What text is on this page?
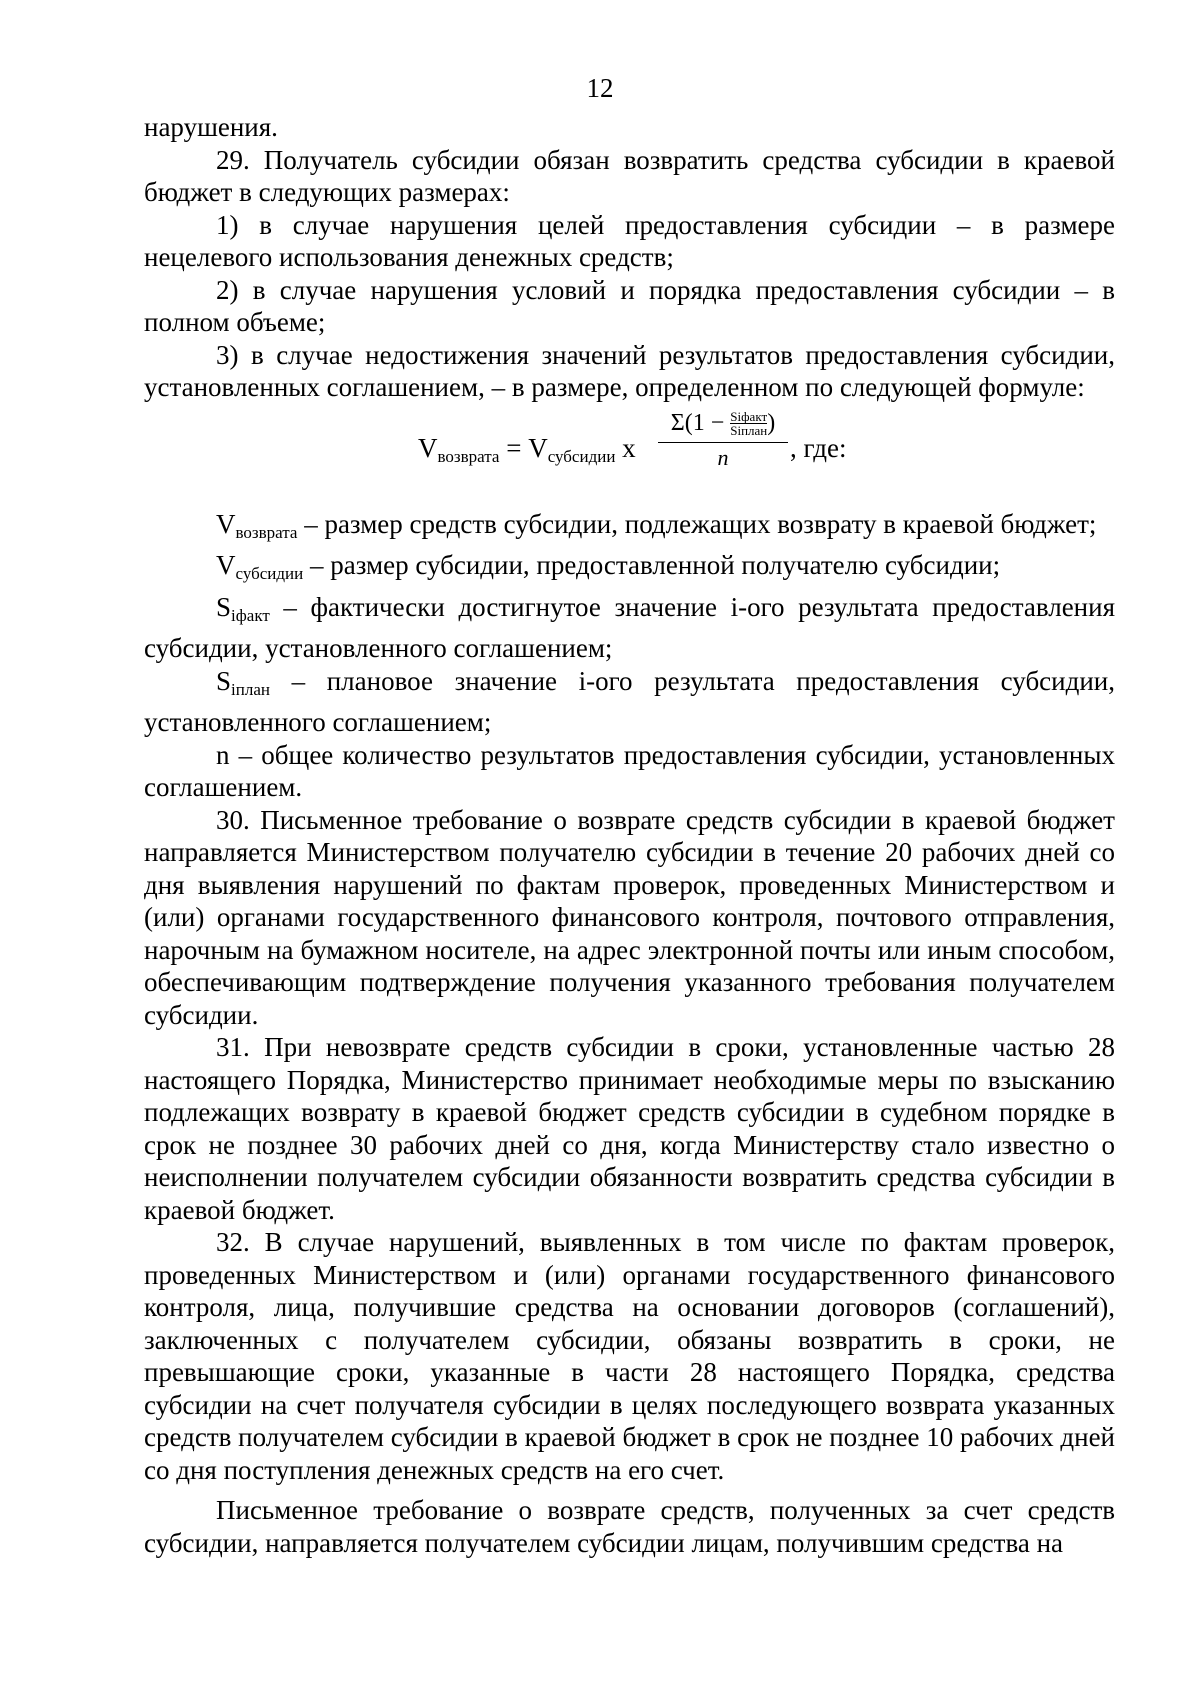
12

нарушения.

29. Получатель субсидии обязан возвратить средства субсидии в краевой бюджет в следующих размерах:

1) в случае нарушения целей предоставления субсидии – в размере нецелевого использования денежных средств;

2) в случае нарушения условий и порядка предоставления субсидии – в полном объеме;

3) в случае недостижения значений результатов предоставления субсидии, установленных соглашением, – в размере, определенном по следующей формуле:

$V_{возврата} = V_{субсидии}$ х
Σ(1 − Siфакт
Siплан )
n	, где:

$V_{возврата}$ – размер средств субсидии, подлежащих возврату в краевой бюджет;

$V_{субсидии}$ – размер субсидии, предоставленной получателю субсидии;

$S_{iфакт}$ – фактически достигнутое значение i-ого результата предоставления субсидии, установленного соглашением;

$S_{iплан}$ – плановое значение i-ого результата предоставления субсидии, установленного соглашением;

n – общее количество результатов предоставления субсидии, установленных соглашением.

30. Письменное требование о возврате средств субсидии в краевой бюджет направляется Министерством получателю субсидии в течение 20 рабочих дней со дня выявления нарушений по фактам проверок, проведенных Министерством и (или) органами государственного финансового контроля, почтового отправления, нарочным на бумажном носителе, на адрес электронной почты или иным способом, обеспечивающим подтверждение получения указанного требования получателем субсидии.

31. При невозврате средств субсидии в сроки, установленные частью 28 настоящего Порядка, Министерство принимает необходимые меры по взысканию подлежащих возврату в краевой бюджет средств субсидии в судебном порядке в срок не позднее 30 рабочих дней со дня, когда Министерству стало известно о неисполнении получателем субсидии обязанности возвратить средства субсидии в краевой бюджет.

32. В случае нарушений, выявленных в том числе по фактам проверок, проведенных Министерством и (или) органами государственного финансового контроля, лица, получившие средства на основании договоров (соглашений), заключенных с получателем субсидии, обязаны возвратить в сроки, не превышающие сроки, указанные в части 28 настоящего Порядка, средства субсидии на счет получателя субсидии в целях последующего возврата указанных средств получателем субсидии в краевой бюджет в срок не позднее 10 рабочих дней со дня поступления денежных средств на его счет.

Письменное требование о возврате средств, полученных за счет средств субсидии, направляется получателем субсидии лицам, получившим средства на
